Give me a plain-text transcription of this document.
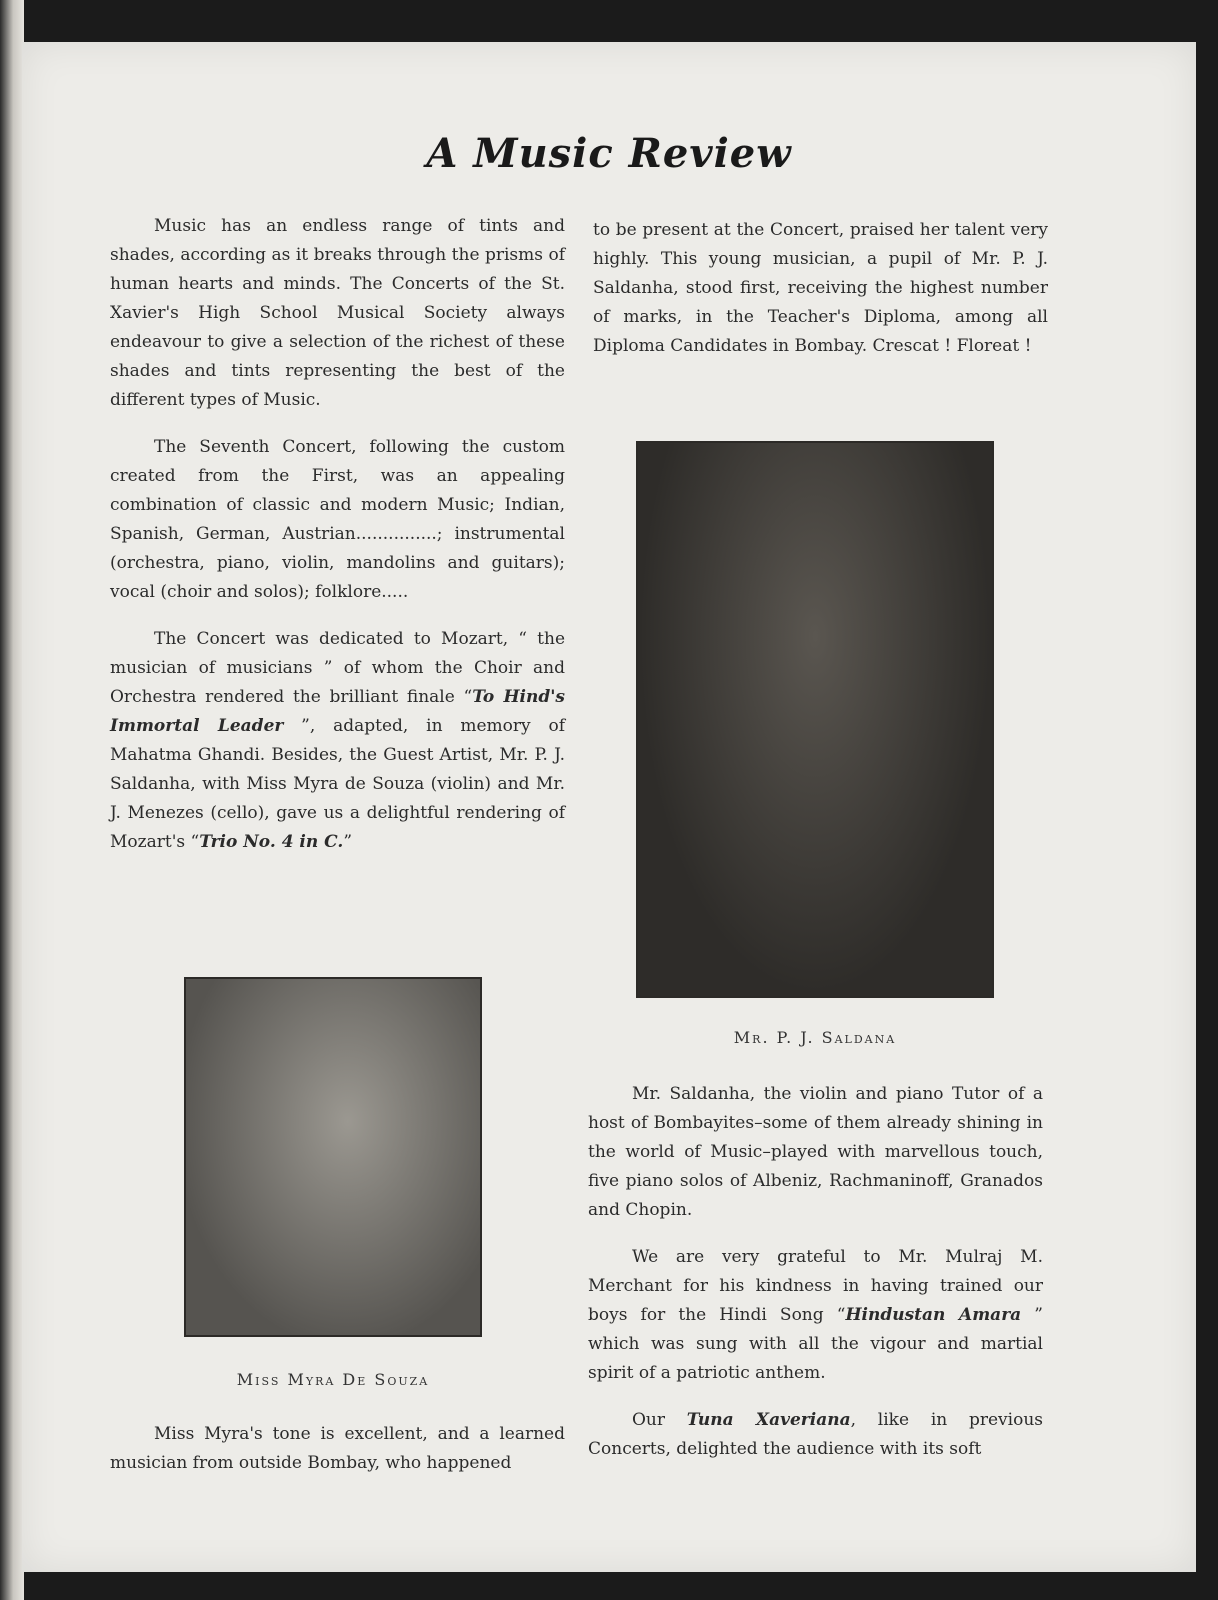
A Music Review

Music has an endless range of tints and shades, according as it breaks through the prisms of human hearts and minds. The Concerts of the St. Xavier's High School Musical Society always endeavour to give a selection of the richest of these shades and tints representing the best of the different types of Music.

The Seventh Concert, following the custom created from the First, was an appealing combination of classic and modern Music; Indian, Spanish, German, Austrian...............; instrumental (orchestra, piano, violin, mandolins and guitars); vocal (choir and solos); folklore.....

The Concert was dedicated to Mozart, “ the musician of musicians ” of whom the Choir and Orchestra rendered the brilliant finale “To Hind's Immortal Leader ”, adapted, in memory of Mahatma Ghandi. Besides, the Guest Artist, Mr. P. J. Saldanha, with Miss Myra de Souza (violin) and Mr. J. Menezes (cello), gave us a delightful rendering of Mozart's “Trio No. 4 in C.”

Miss Myra De Souza

Miss Myra's tone is excellent, and a learned musician from outside Bombay, who happened

to be present at the Concert, praised her talent very highly. This young musician, a pupil of Mr. P. J. Saldanha, stood first, receiving the highest number of marks, in the Teacher's Diploma, among all Diploma Candidates in Bombay. Crescat ! Floreat !

Mr. P. J. Saldana

Mr. Saldanha, the violin and piano Tutor of a host of Bombayites–some of them already shining in the world of Music–played with marvellous touch, five piano solos of Albeniz, Rachmaninoff, Granados and Chopin.

We are very grateful to Mr. Mulraj M. Merchant for his kindness in having trained our boys for the Hindi Song “Hindustan Amara ” which was sung with all the vigour and martial spirit of a patriotic anthem.

Our Tuna Xaveriana, like in previous Concerts, delighted the audience with its soft
